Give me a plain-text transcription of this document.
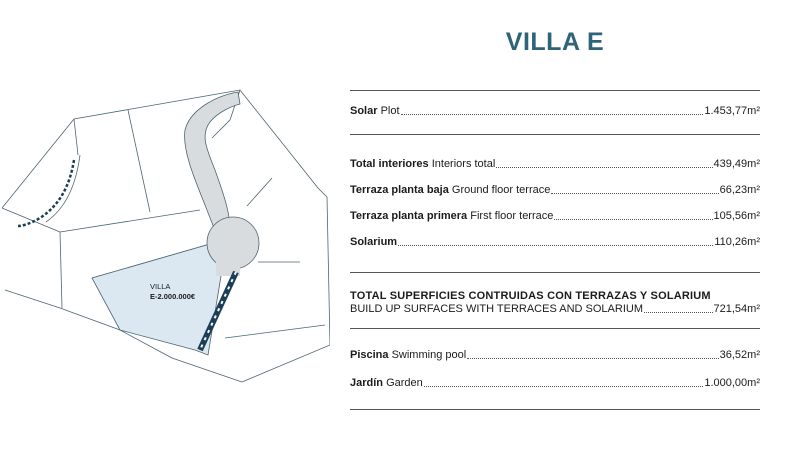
VILLA
E-2.000.000€
VILLA E
Solar Plot	1.453,77m²
Total interiores Interiors total	439,49m²
Terraza planta baja Ground floor terrace	66,23m²
Terraza planta primera First floor terrace	105,56m²
Solarium	110,26m²
TOTAL SUPERFICIES CONTRUIDAS CON TERRAZAS Y SOLARIUM
BUILD UP SURFACES WITH TERRACES AND SOLARIUM	721,54m²
Piscina Swimming pool	36,52m²
Jardín Garden	1.000,00m²
